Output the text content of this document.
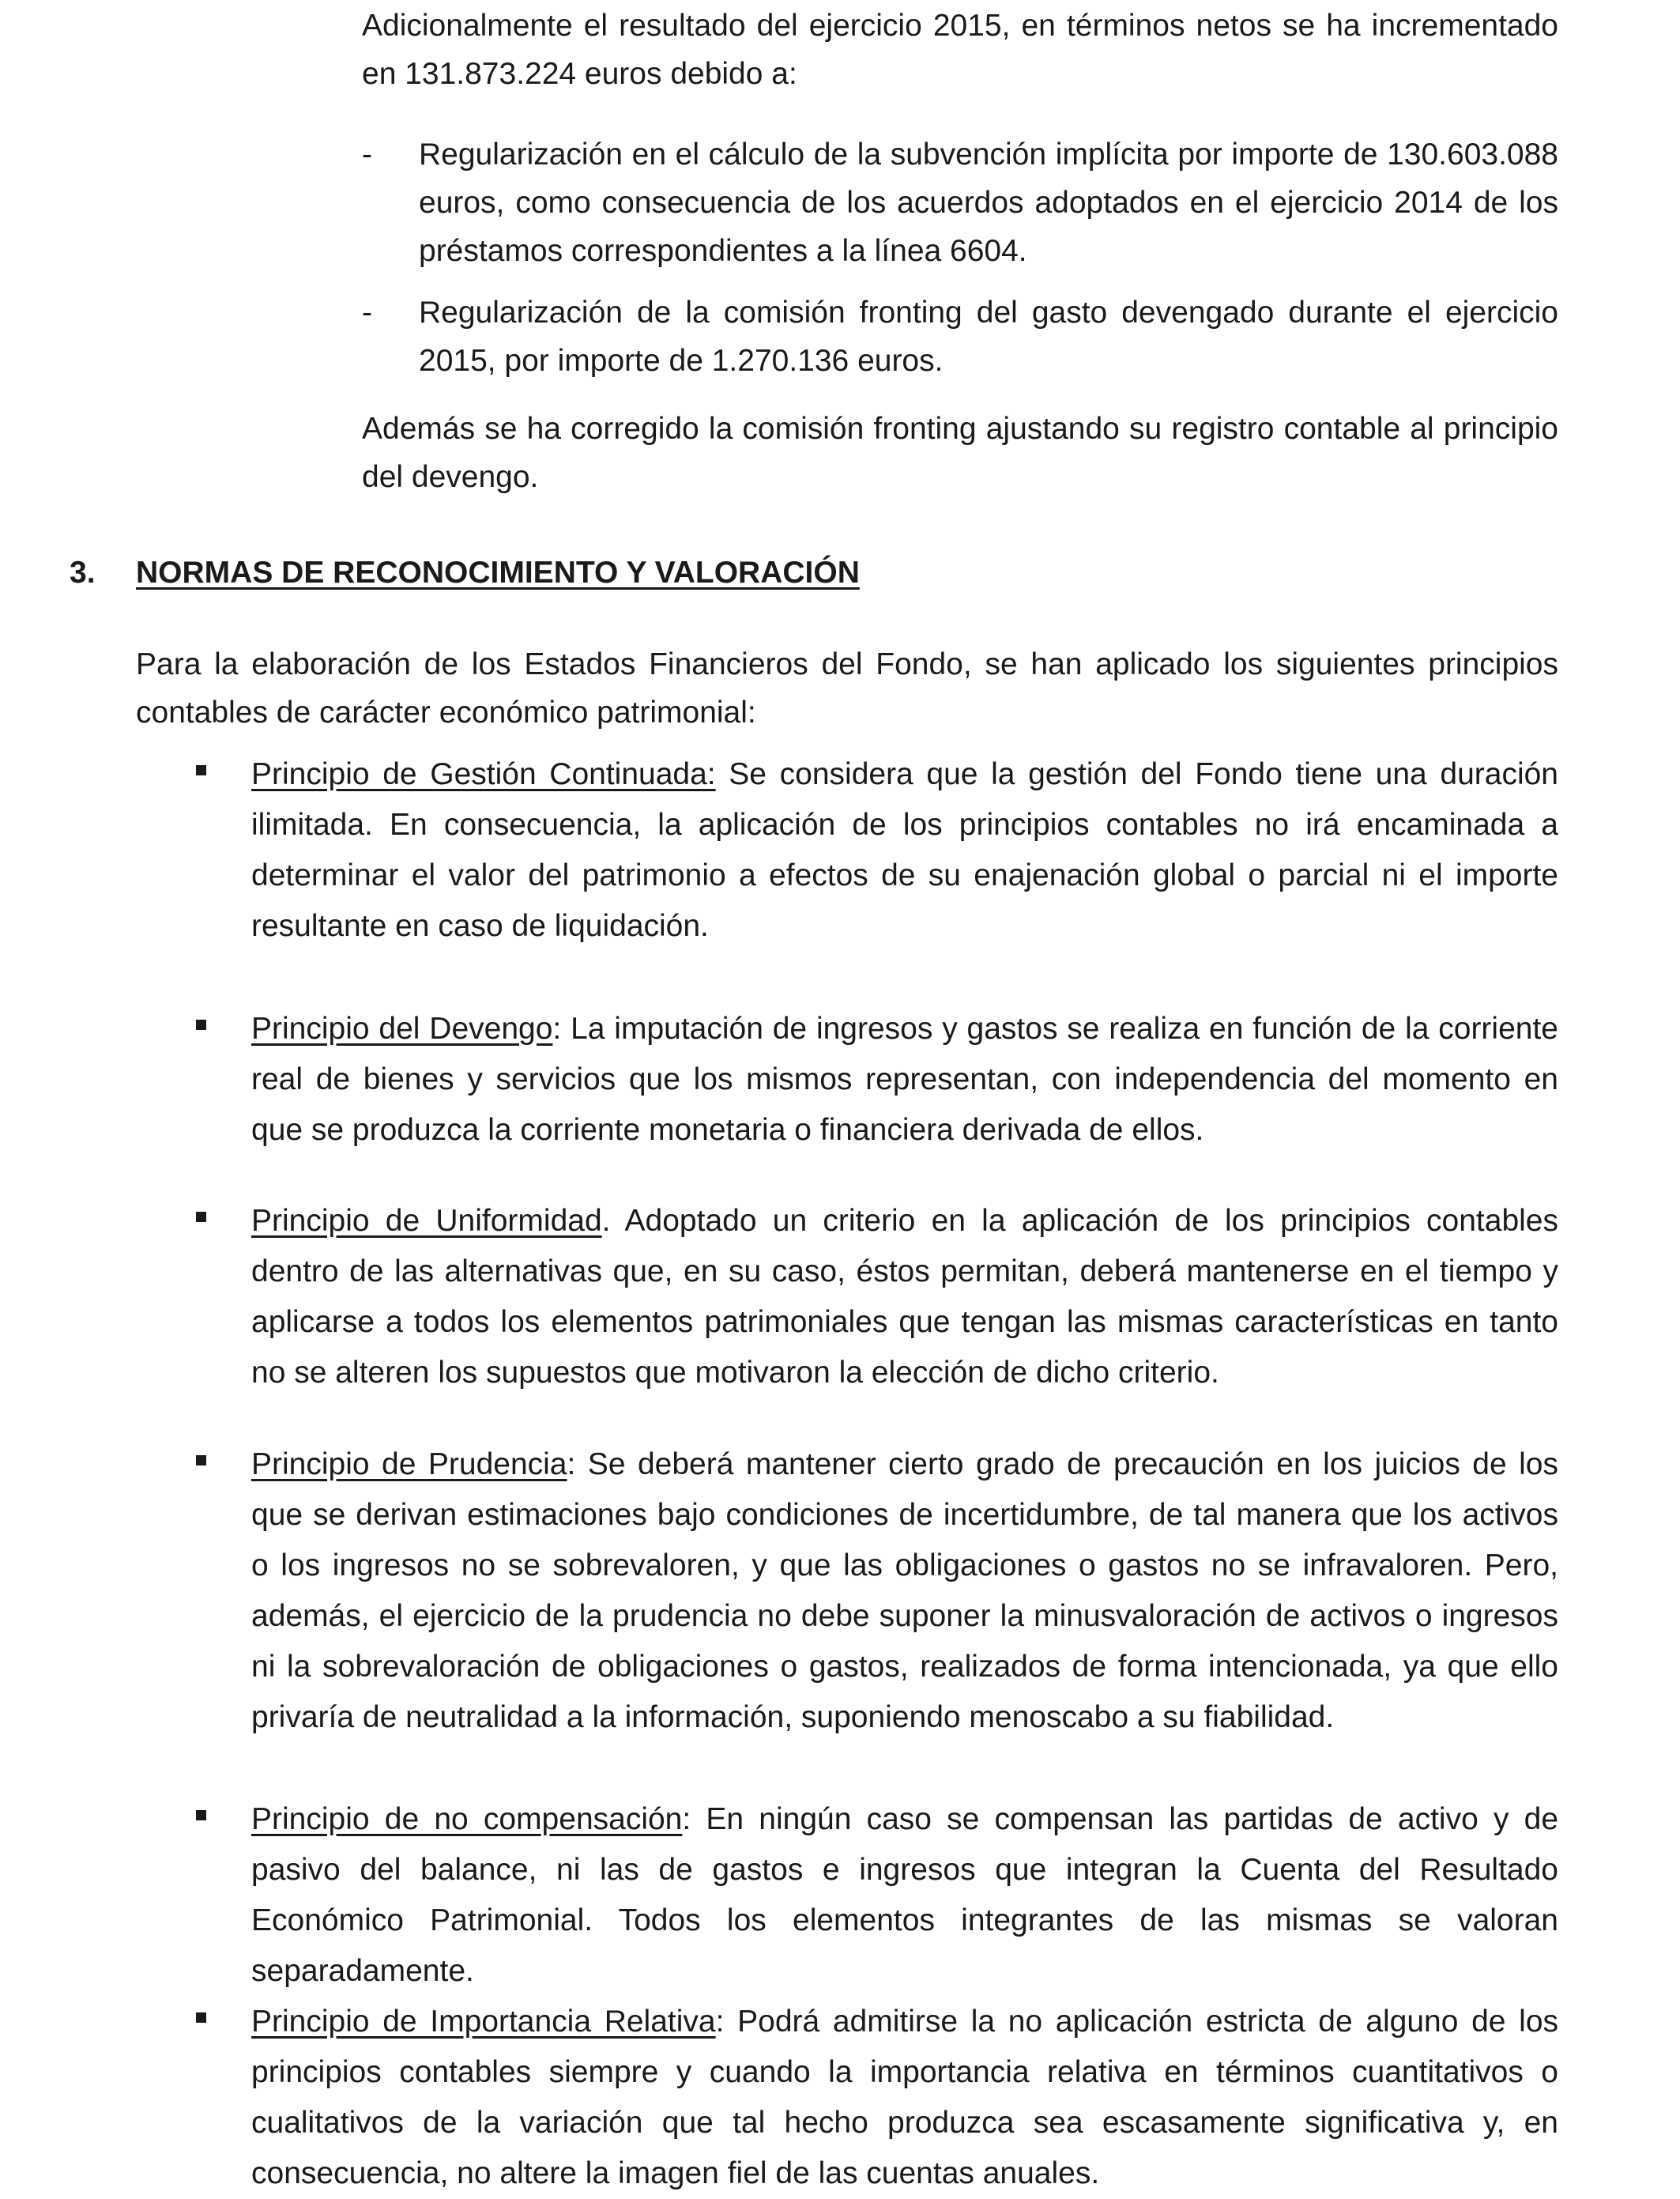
Adicionalmente el resultado del ejercicio 2015, en términos netos se ha incrementado en 131.873.224 euros debido a:
- Regularización en el cálculo de la subvención implícita por importe de 130.603.088 euros, como consecuencia de los acuerdos adoptados en el ejercicio 2014 de los préstamos correspondientes a la línea 6604.
- Regularización de la comisión fronting del gasto devengado durante el ejercicio 2015, por importe de 1.270.136 euros.
Además se ha corregido la comisión fronting ajustando su registro contable al principio del devengo.
3. NORMAS DE RECONOCIMIENTO Y VALORACIÓN
Para la elaboración de los Estados Financieros del Fondo, se han aplicado los siguientes principios contables de carácter económico patrimonial:
Principio de Gestión Continuada: Se considera que la gestión del Fondo tiene una duración ilimitada. En consecuencia, la aplicación de los principios contables no irá encaminada a determinar el valor del patrimonio a efectos de su enajenación global o parcial ni el importe resultante en caso de liquidación.
Principio del Devengo: La imputación de ingresos y gastos se realiza en función de la corriente real de bienes y servicios que los mismos representan, con independencia del momento en que se produzca la corriente monetaria o financiera derivada de ellos.
Principio de Uniformidad. Adoptado un criterio en la aplicación de los principios contables dentro de las alternativas que, en su caso, éstos permitan, deberá mantenerse en el tiempo y aplicarse a todos los elementos patrimoniales que tengan las mismas características en tanto no se alteren los supuestos que motivaron la elección de dicho criterio.
Principio de Prudencia: Se deberá mantener cierto grado de precaución en los juicios de los que se derivan estimaciones bajo condiciones de incertidumbre, de tal manera que los activos o los ingresos no se sobrevaloren, y que las obligaciones o gastos no se infravaloren. Pero, además, el ejercicio de la prudencia no debe suponer la minusvaloración de activos o ingresos ni la sobrevaloración de obligaciones o gastos, realizados de forma intencionada, ya que ello privaría de neutralidad a la información, suponiendo menoscabo a su fiabilidad.
Principio de no compensación: En ningún caso se compensan las partidas de activo y de pasivo del balance, ni las de gastos e ingresos que integran la Cuenta del Resultado Económico Patrimonial. Todos los elementos integrantes de las mismas se valoran separadamente.
Principio de Importancia Relativa: Podrá admitirse la no aplicación estricta de alguno de los principios contables siempre y cuando la importancia relativa en términos cuantitativos o cualitativos de la variación que tal hecho produzca sea escasamente significativa y, en consecuencia, no altere la imagen fiel de las cuentas anuales.
